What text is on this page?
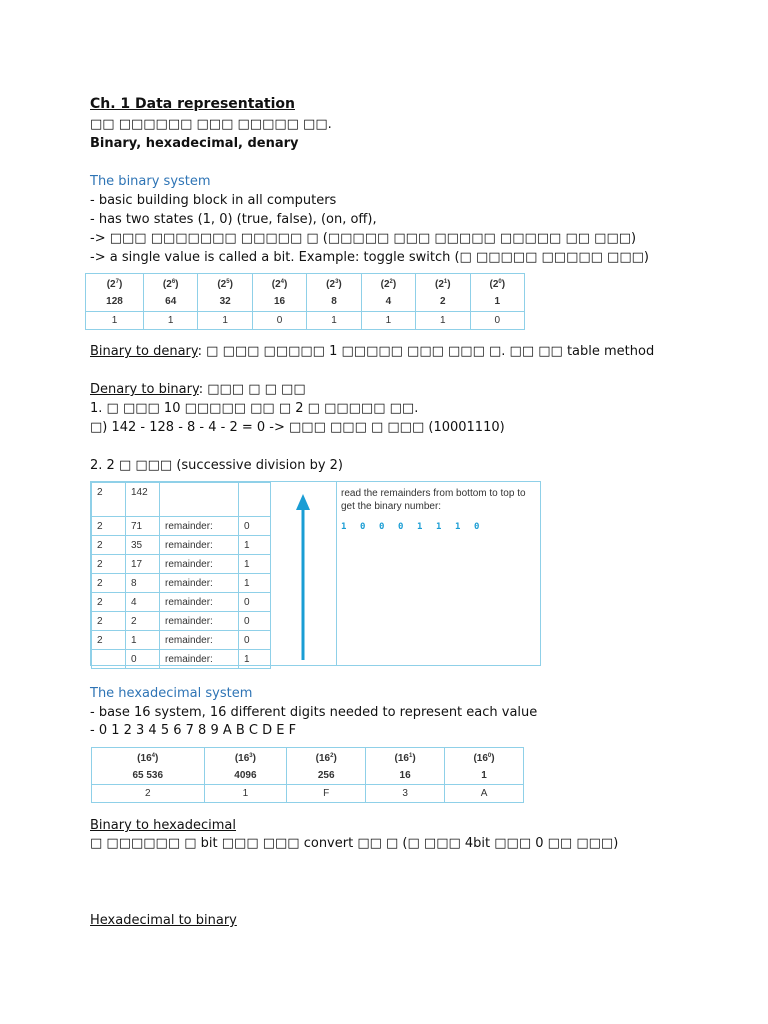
Ch. 1 Data representation
□□ □□□□□□ □□□ □□□□□ □□.
Binary, hexadecimal, denary
The binary system
- basic building block in all computers
- has two states (1, 0) (true, false), (on, off),
-> □□□ □□□□□□□ □□□□□ □ (□□□□□ □□□ □□□□□ □□□□□ □□ □□□)
-> a single value is called a bit. Example: toggle switch (□ □□□□□ □□□□□ □□□)
$(2^7)$	$(2^6)$	$(2^5)$	$(2^4)$	$(2^3)$	$(2^2)$	$(2^1)$	$(2^0)$
128	64	32	16	8	4	2	1
1	1	1	0	1	1	1	0
Binary to denary: □ □□□ □□□□□ 1 □□□□□ □□□ □□□ □. □□ □□ table method
Denary to binary: □□□ □ □ □□
1. □ □□□ 10 □□□□□ □□ □ 2 □ □□□□□ □□.
□) 142 - 128 - 8 - 4 - 2 = 0 -> □□□ □□□ □ □□□ (10001110)
2. 2 □ □□□ (successive division by 2)
2	142		
2	71	remainder:	0
2	35	remainder:	1
2	17	remainder:	1
2	8	remainder:	1
2	4	remainder:	0
2	2	remainder:	0
2	1	remainder:	0
	0	remainder:	1
read the remainders from bottom to top to get the binary number:
1 0 0 0 1 1 1 0
The hexadecimal system
- base 16 system, 16 different digits needed to represent each value
- 0 1 2 3 4 5 6 7 8 9 A B C D E F
$(16^4)$	$(16^3)$	$(16^2)$	$(16^1)$	$(16^0)$
65 536	4096	256	16	1
2	1	F	3	A
Binary to hexadecimal
□ □□□□□□ □ bit □□□ □□□ convert □□ □ (□ □□□ 4bit □□□ 0 □□ □□□)
Hexadecimal to binary
